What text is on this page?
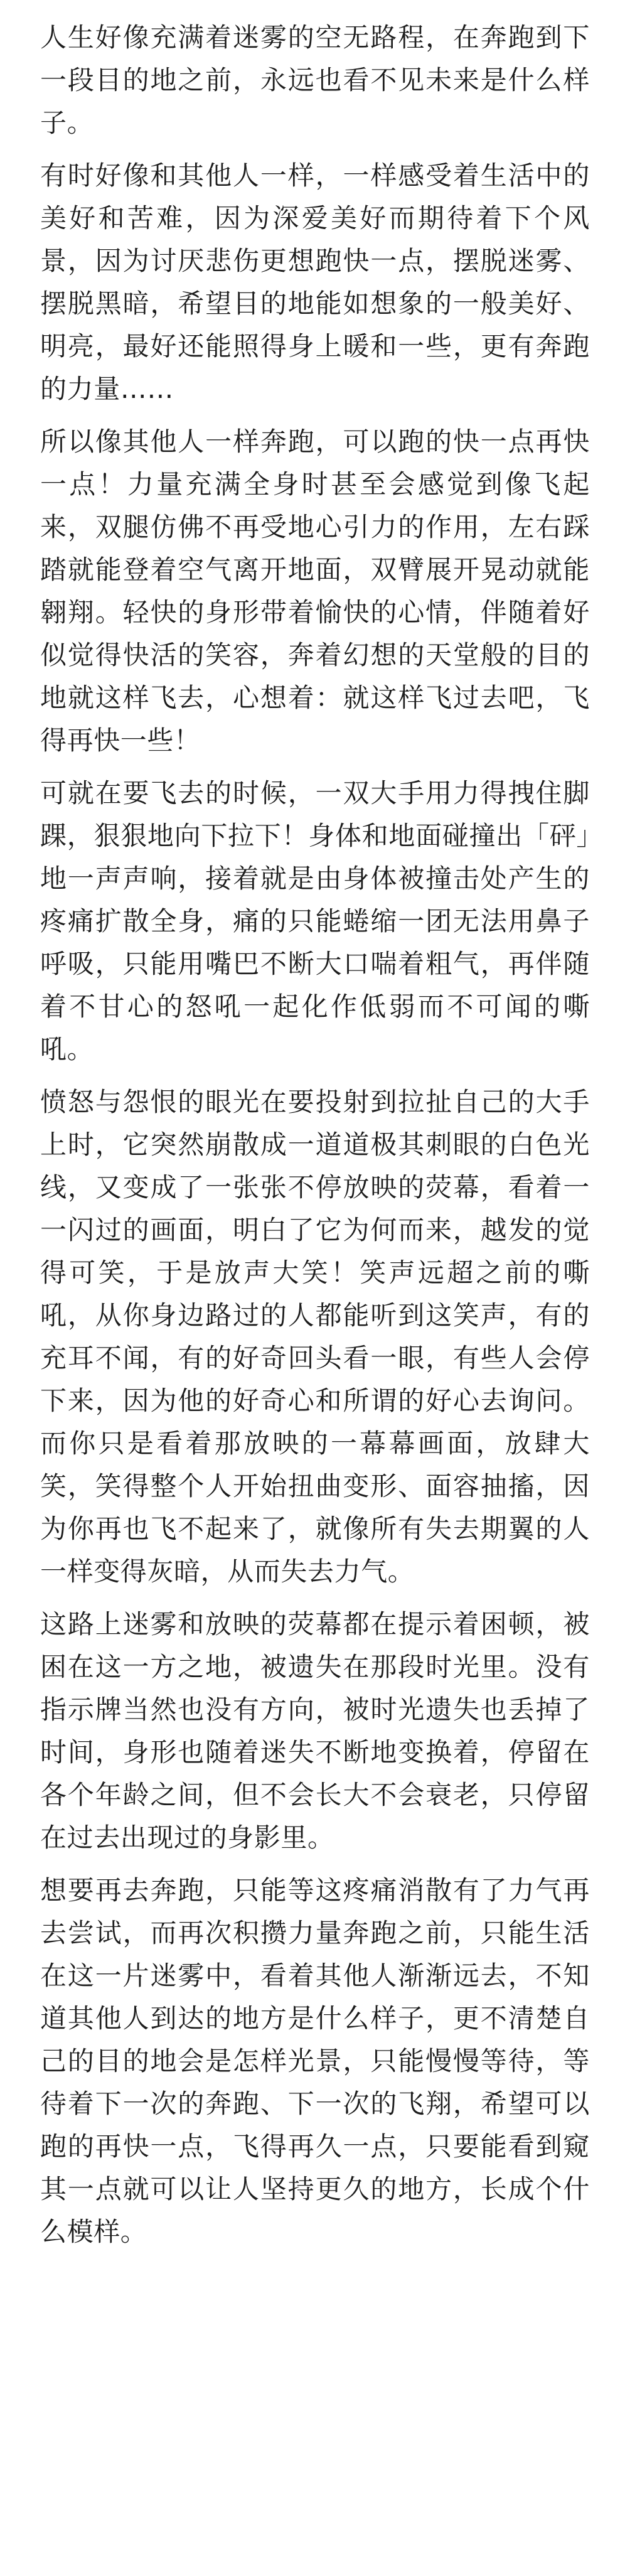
人生好像充满着迷雾的空无路程，在奔跑到下一段目的地之前，永远也看不见未来是什么样子。

有时好像和其他人一样，一样感受着生活中的美好和苦难，因为深爱美好而期待着下个风景，因为讨厌悲伤更想跑快一点，摆脱迷雾、摆脱黑暗，希望目的地能如想象的一般美好、明亮，最好还能照得身上暖和一些，更有奔跑的力量……

所以像其他人一样奔跑，可以跑的快一点再快一点！力量充满全身时甚至会感觉到像飞起来，双腿仿佛不再受地心引力的作用，左右踩踏就能登着空气离开地面，双臂展开晃动就能翱翔。轻快的身形带着愉快的心情，伴随着好似觉得快活的笑容，奔着幻想的天堂般的目的地就这样飞去，心想着：就这样飞过去吧，飞得再快一些！

可就在要飞去的时候，一双大手用力得拽住脚踝，狠狠地向下拉下！身体和地面碰撞出「砰」地一声声响，接着就是由身体被撞击处产生的疼痛扩散全身，痛的只能蜷缩一团无法用鼻子呼吸，只能用嘴巴不断大口喘着粗气，再伴随着不甘心的怒吼一起化作低弱而不可闻的嘶吼。

愤怒与怨恨的眼光在要投射到拉扯自己的大手上时，它突然崩散成一道道极其刺眼的白色光线，又变成了一张张不停放映的荧幕，看着一一闪过的画面，明白了它为何而来，越发的觉得可笑，于是放声大笑！笑声远超之前的嘶吼，从你身边路过的人都能听到这笑声，有的充耳不闻，有的好奇回头看一眼，有些人会停下来，因为他的好奇心和所谓的好心去询问。而你只是看着那放映的一幕幕画面，放肆大笑，笑得整个人开始扭曲变形、面容抽搐，因为你再也飞不起来了，就像所有失去期翼的人一样变得灰暗，从而失去力气。

这路上迷雾和放映的荧幕都在提示着困顿，被困在这一方之地，被遗失在那段时光里。没有指示牌当然也没有方向，被时光遗失也丢掉了时间，身形也随着迷失不断地变换着，停留在各个年龄之间，但不会长大不会衰老，只停留在过去出现过的身影里。

想要再去奔跑，只能等这疼痛消散有了力气再去尝试，而再次积攒力量奔跑之前，只能生活在这一片迷雾中，看着其他人渐渐远去，不知道其他人到达的地方是什么样子，更不清楚自己的目的地会是怎样光景，只能慢慢等待，等待着下一次的奔跑、下一次的飞翔，希望可以跑的再快一点，飞得再久一点，只要能看到窥其一点就可以让人坚持更久的地方，长成个什么模样。
